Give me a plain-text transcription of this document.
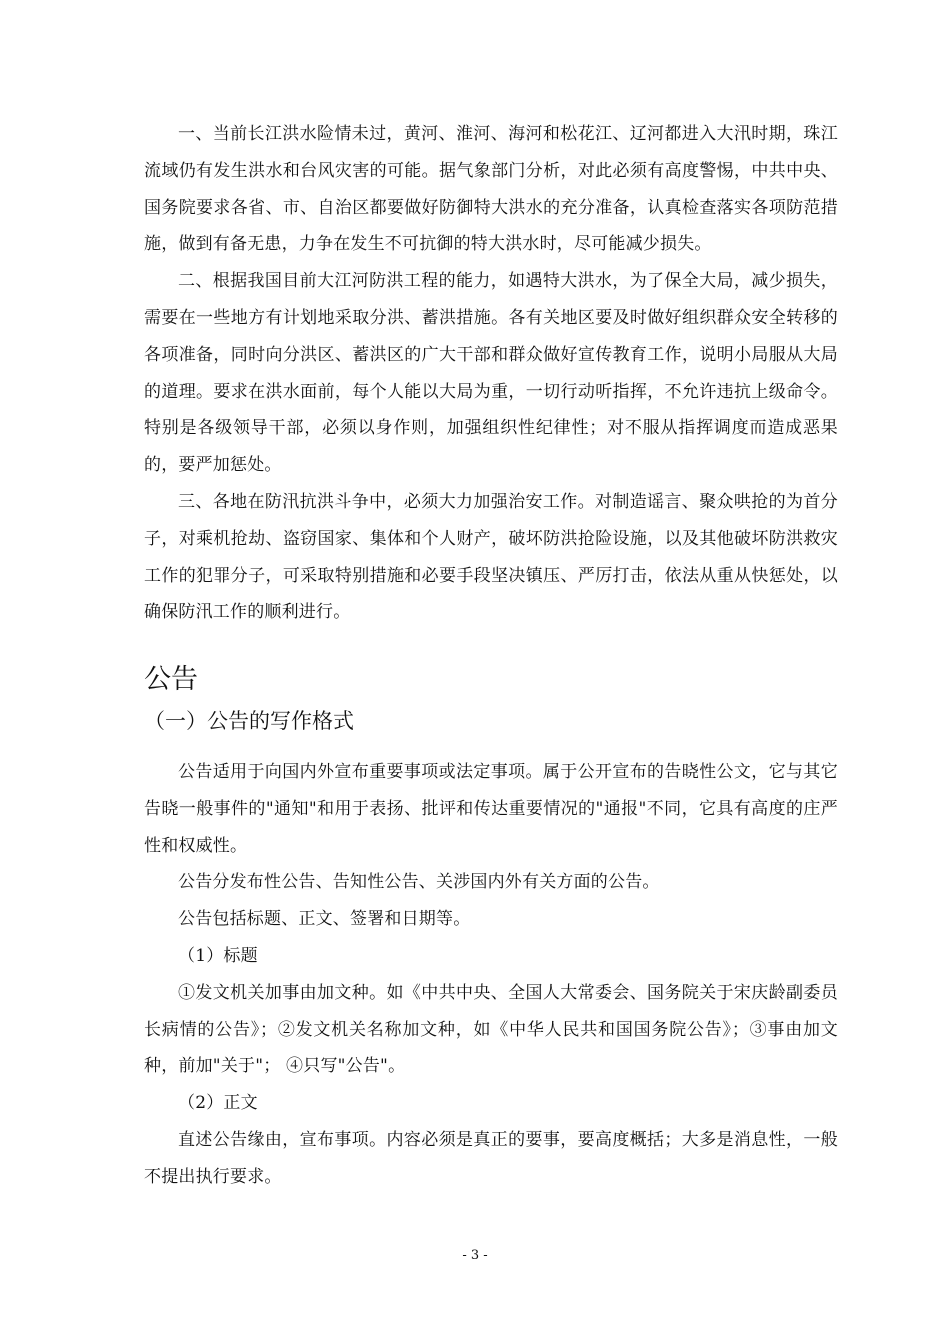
一、当前长江洪水险情未过，黄河、淮河、海河和松花江、辽河都进入大汛时期，珠江流域仍有发生洪水和台风灾害的可能。据气象部门分析，对此必须有高度警惕，中共中央、国务院要求各省、市、自治区都要做好防御特大洪水的充分准备，认真检查落实各项防范措施，做到有备无患，力争在发生不可抗御的特大洪水时，尽可能减少损失。

二、根据我国目前大江河防洪工程的能力，如遇特大洪水，为了保全大局，减少损失，需要在一些地方有计划地采取分洪、蓄洪措施。各有关地区要及时做好组织群众安全转移的各项准备，同时向分洪区、蓄洪区的广大干部和群众做好宣传教育工作，说明小局服从大局的道理。要求在洪水面前，每个人能以大局为重，一切行动听指挥，不允许违抗上级命令。特别是各级领导干部，必须以身作则，加强组织性纪律性；对不服从指挥调度而造成恶果的，要严加惩处。

三、各地在防汛抗洪斗争中，必须大力加强治安工作。对制造谣言、聚众哄抢的为首分子，对乘机抢劫、盗窃国家、集体和个人财产，破坏防洪抢险设施，以及其他破坏防洪救灾工作的犯罪分子，可采取特别措施和必要手段坚决镇压、严厉打击，依法从重从快惩处，以确保防汛工作的顺利进行。

公告
（一）公告的写作格式

公告适用于向国内外宣布重要事项或法定事项。属于公开宣布的告晓性公文，它与其它告晓一般事件的"通知"和用于表扬、批评和传达重要情况的"通报"不同，它具有高度的庄严性和权威性。

公告分发布性公告、告知性公告、关涉国内外有关方面的公告。

公告包括标题、正文、签署和日期等。

（1）标题

①发文机关加事由加文种。如《中共中央、全国人大常委会、国务院关于宋庆龄副委员长病情的公告》；②发文机关名称加文种，如《中华人民共和国国务院公告》；③事由加文种，前加"关于"； ④只写"公告"。

（2）正文

直述公告缘由，宣布事项。内容必须是真正的要事，要高度概括；大多是消息性，一般不提出执行要求。

- 3 -
